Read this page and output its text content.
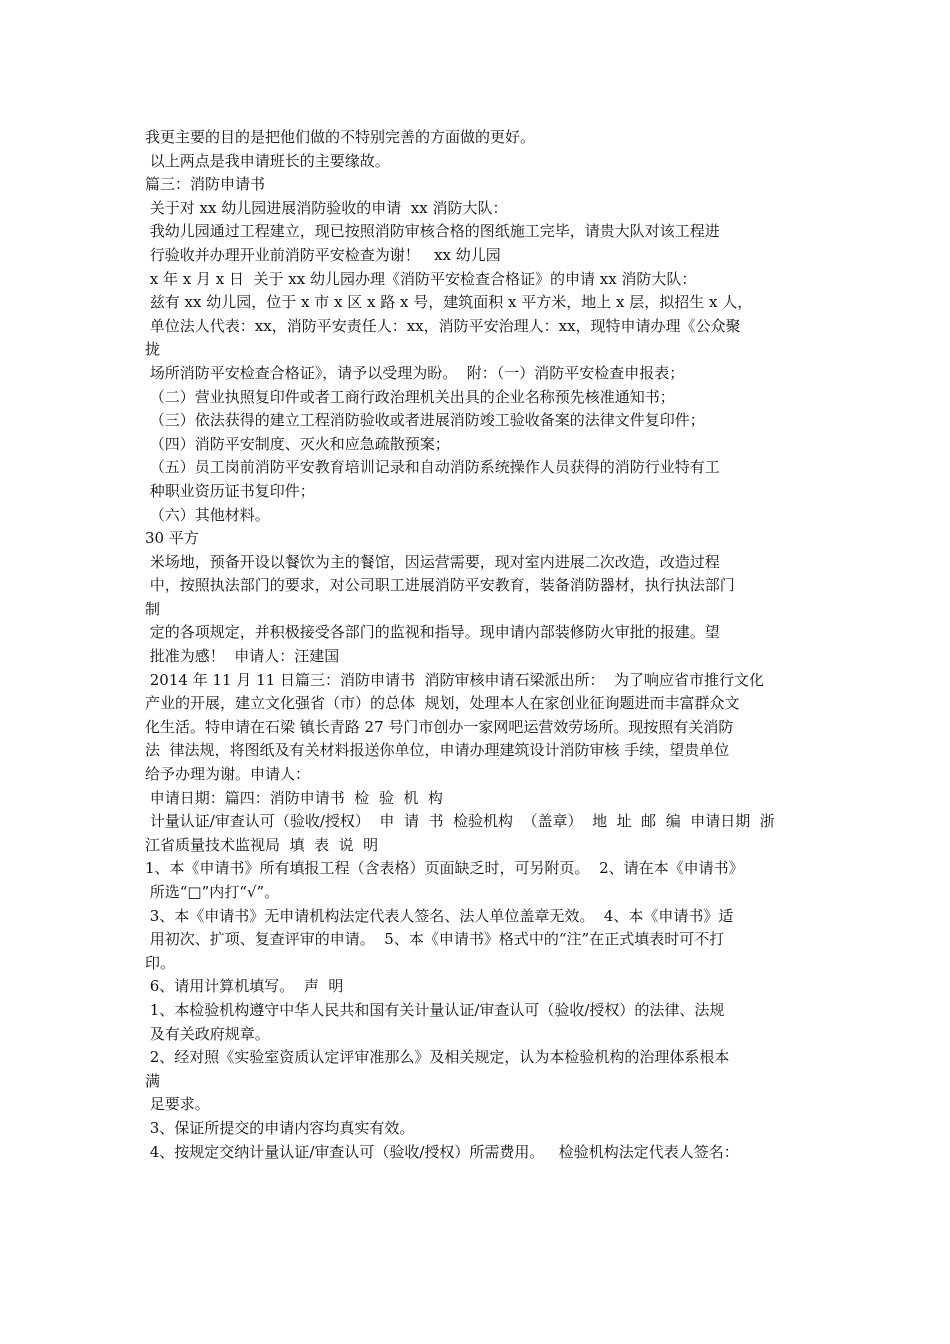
我更主要的目的是把他们做的不特别完善的方面做的更好。
以上两点是我申请班长的主要缘故。
篇三：消防申请书
关于对 xx 幼儿园进展消防验收的申请  xx 消防大队：
我幼儿园通过工程建立，现已按照消防审核合格的图纸施工完毕，请贵大队对该工程进
行验收并办理开业前消防平安检查为谢！   xx 幼儿园
x 年 x 月 x 日  关于 xx 幼儿园办理《消防平安检查合格证》的申请 xx 消防大队：
兹有 xx 幼儿园，位于 x 市 x 区 x 路 x 号，建筑面积 x 平方米，地上 x 层，拟招生 x 人，
单位法人代表：xx，消防平安责任人：xx，消防平安治理人：xx，现特申请办理《公众聚
拢
场所消防平安检查合格证》，请予以受理为盼。  附：（一）消防平安检查申报表；
（二）营业执照复印件或者工商行政治理机关出具的企业名称预先核准通知书；
（三）依法获得的建立工程消防验收或者进展消防竣工验收备案的法律文件复印件；
（四）消防平安制度、灭火和应急疏散预案；
（五）员工岗前消防平安教育培训记录和自动消防系统操作人员获得的消防行业特有工
种职业资历证书复印件；
（六）其他材料。
30 平方
米场地，预备开设以餐饮为主的餐馆，因运营需要，现对室内进展二次改造，改造过程
中，按照执法部门的要求，对公司职工进展消防平安教育，装备消防器材，执行执法部门
制
定的各项规定，并积极接受各部门的监视和指导。现申请内部装修防火审批的报建。望
批准为感！  申请人：汪建国
2014 年 11 月 11 日篇三：消防申请书  消防审核申请石梁派出所：  为了响应省市推行文化
产业的开展，建立文化强省（市）的总体  规划，处理本人在家创业征询题进而丰富群众文
化生活。特申请在石梁 镇长青路 27 号门市创办一家网吧运营效劳场所。现按照有关消防
法  律法规，将图纸及有关材料报送你单位，申请办理建筑设计消防审核 手续，望贵单位
给予办理为谢。申请人：
申请日期：篇四：消防申请书  检  验  机  构
计量认证/审查认可（验收/授权）  申  请  书  检验机构  （盖章）  地  址  邮  编  申请日期  浙
江省质量技术监视局  填  表  说  明
1、本《申请书》所有填报工程（含表格）页面缺乏时，可另附页。  2、请在本《申请书》
所选“□”内打“√”。
3、本《申请书》无申请机构法定代表人签名、法人单位盖章无效。  4、本《申请书》适
用初次、扩项、复查评审的申请。  5、本《申请书》格式中的“注”在正式填表时可不打
印。
6、请用计算机填写。  声  明
1、本检验机构遵守中华人民共和国有关计量认证/审查认可（验收/授权）的法律、法规
及有关政府规章。
2、经对照《实验室资质认定评审准那么》及相关规定，认为本检验机构的治理体系根本
满
足要求。
3、保证所提交的申请内容均真实有效。
4、按规定交纳计量认证/审查认可（验收/授权）所需费用。   检验机构法定代表人签名：
